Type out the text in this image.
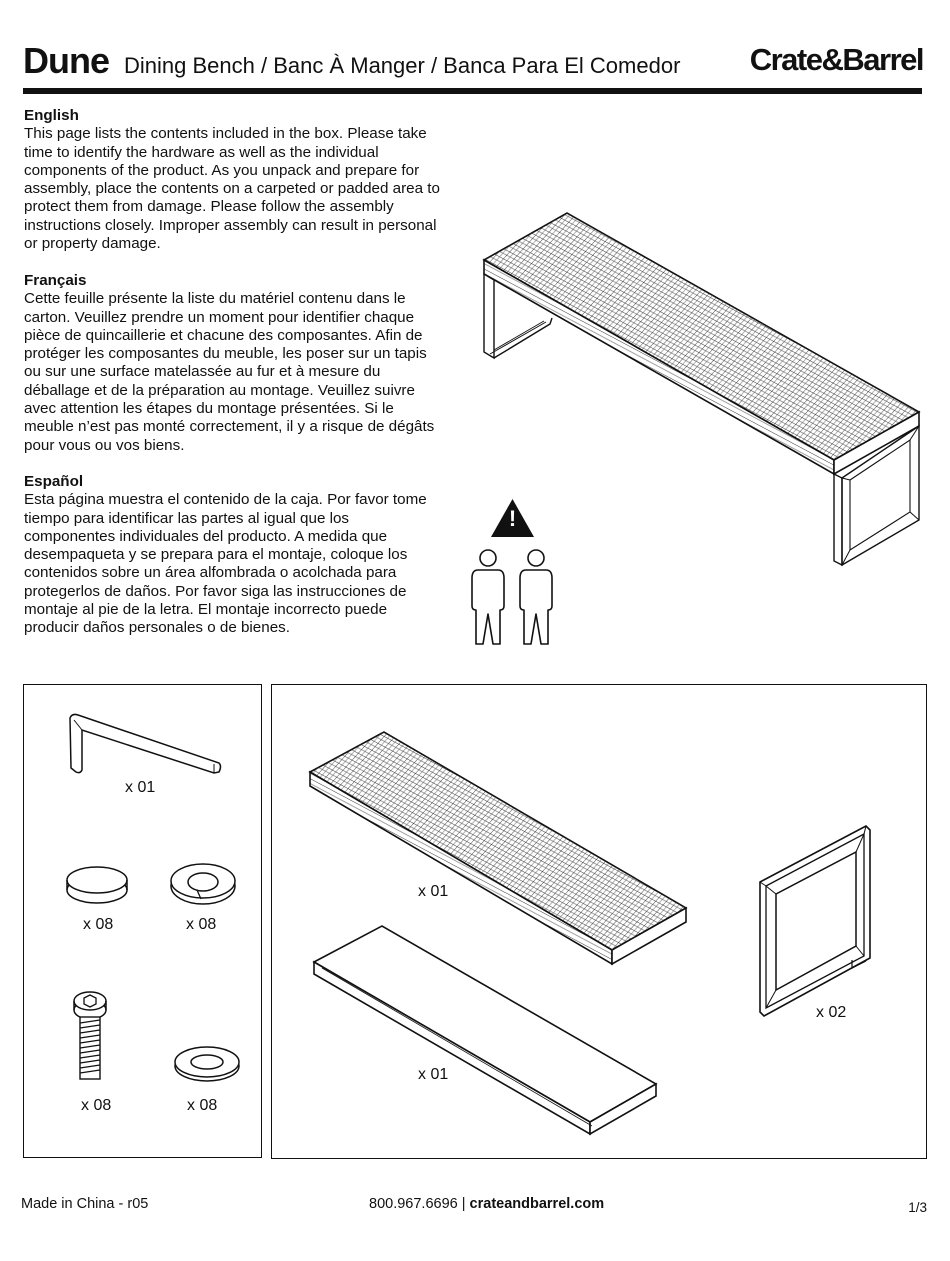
Dune Dining Bench / Banc À Manger / Banca Para El Comedor Crate&Barrel
English

This page lists the contents included in the box. Please take time to identify the hardware as well as the individual components of the product. As you unpack and prepare for assembly, place the contents on a carpeted or padded area to protect them from damage. Please follow the assembly instructions closely. Improper assembly can result in personal or property damage.

Français

Cette feuille présente la liste du matériel contenu dans le carton. Veuillez prendre un moment pour identifier chaque pièce de quincaillerie et chacune des composantes. Afin de protéger les composantes du meuble, les poser sur un tapis ou sur une surface matelassée au fur et à mesure du déballage et de la préparation au montage. Veuillez suivre avec attention les étapes du montage présentées. Si le meuble n’est pas monté correctement, il y a risque de dégâts pour vous ou vos biens.

Español

Esta página muestra el contenido de la caja. Por favor tome tiempo para identificar las partes al igual que los componentes individuales del producto. A medida que desempaqueta y se prepara para el montaje, coloque los contenidos sobre un área alfombrada o acolchada para protegerlos de daños. Por favor siga las instrucciones de montaje al pie de la letra. El montaje incorrecto puede producir daños personales o de bienes.

!
x 01
x 08	x 08
x 08	x 08
x 01
x 01
x 02
Made in China - r05	800.967.6696 | crateandbarrel.com	1/3
